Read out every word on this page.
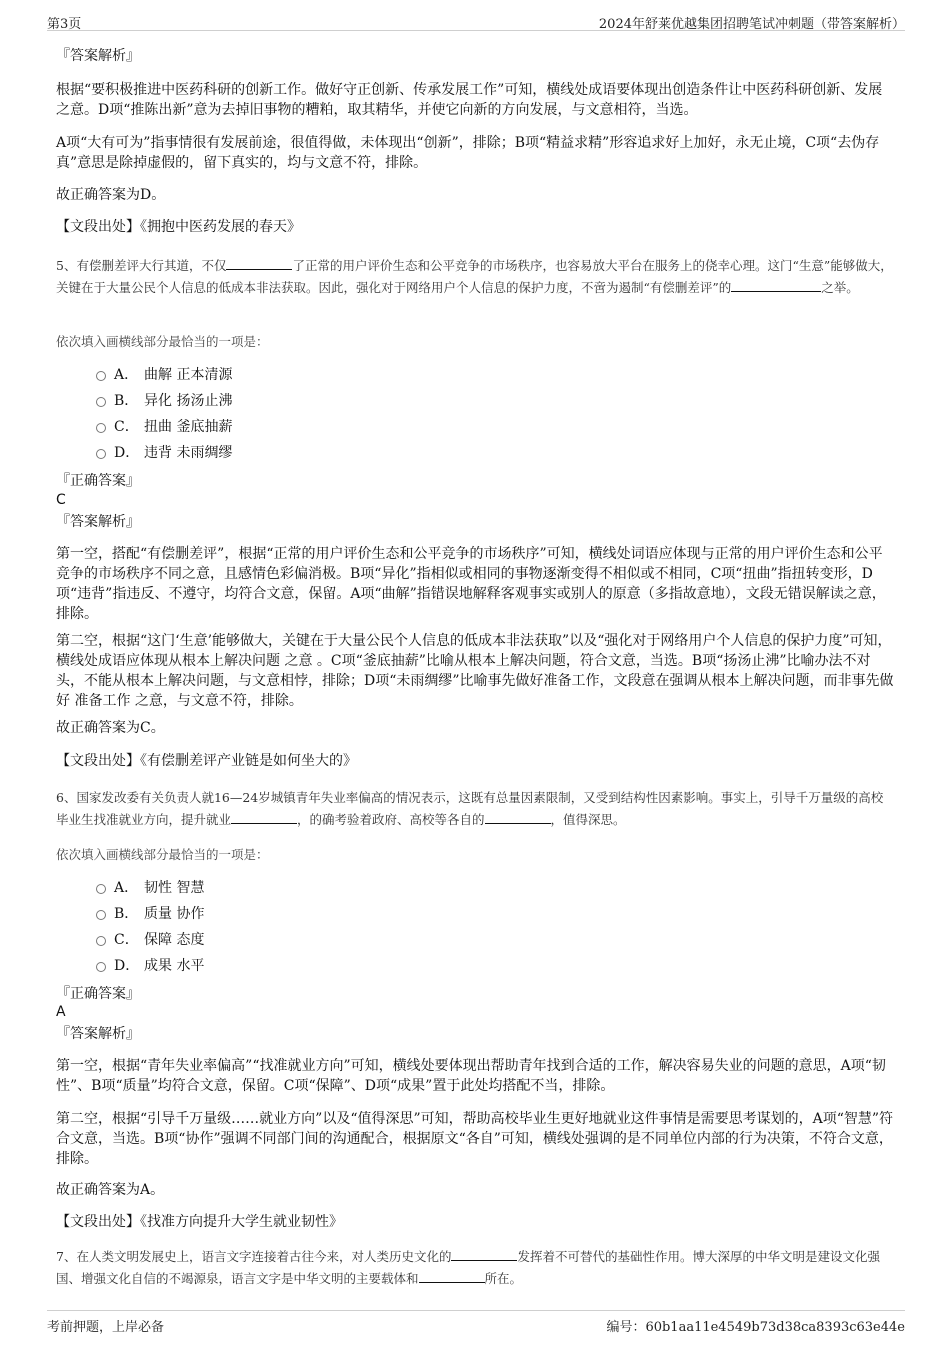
第3页	2024年舒莱优越集团招聘笔试冲刺题（带答案解析）
『答案解析』

根据“要积极推进中医药科研的创新工作。做好守正创新、传承发展工作”可知，横线处成语要体现出创造条件让中医药科研创新、发展之意。D项“推陈出新”意为去掉旧事物的糟粕，取其精华，并使它向新的方向发展，与文意相符，当选。

A项“大有可为”指事情很有发展前途，很值得做，未体现出“创新”，排除；B项“精益求精”形容追求好上加好，永无止境，C项“去伪存真”意思是除掉虚假的，留下真实的，均与文意不符，排除。

故正确答案为D。

【文段出处】《拥抱中医药发展的春天》

5、有偿删差评大行其道，不仅	了正常的用户评价生态和公平竞争的市场秩序，也容易放大平台在服务上的侥幸心理。这门“生意”能够做大，关键在于大量公民个人信息的低成本非法获取。因此，强化对于网络用户个人信息的保护力度，不啻为遏制“有偿删差评”的	之举。

依次填入画横线部分最恰当的一项是：

A． 曲解 正本清源
B． 异化 扬汤止沸
C． 扭曲 釜底抽薪
D． 违背 未雨绸缪
『正确答案』
C
『答案解析』

第一空，搭配“有偿删差评”，根据“正常的用户评价生态和公平竞争的市场秩序”可知，横线处词语应体现与正常的用户评价生态和公平竞争的市场秩序不同之意，且感情色彩偏消极。B项“异化”指相似或相同的事物逐渐变得不相似或不相同，C项“扭曲”指扭转变形，D项“违背”指违反、不遵守，均符合文意，保留。A项“曲解”指错误地解释客观事实或别人的原意（多指故意地），文段无错误解读之意，排除。

第二空，根据“这门‘生意’能够做大，关键在于大量公民个人信息的低成本非法获取”以及“强化对于网络用户个人信息的保护力度”可知，横线处成语应体现从根本上解决问题 之意 。C项“釜底抽薪”比喻从根本上解决问题，符合文意，当选。B项“扬汤止沸”比喻办法不对头，不能从根本上解决问题，与文意相悖，排除；D项“未雨绸缪”比喻事先做好准备工作，文段意在强调从根本上解决问题，而非事先做好 准备工作 之意，与文意不符，排除。

故正确答案为C。

【文段出处】《有偿删差评产业链是如何坐大的》

6、国家发改委有关负责人就16—24岁城镇青年失业率偏高的情况表示，这既有总量因素限制，又受到结构性因素影响。事实上，引导千万量级的高校毕业生找准就业方向，提升就业	，的确考验着政府、高校等各自的	，值得深思。

依次填入画横线部分最恰当的一项是：

A． 韧性 智慧
B． 质量 协作
C． 保障 态度
D． 成果 水平
『正确答案』
A
『答案解析』

第一空，根据“青年失业率偏高”“找准就业方向”可知，横线处要体现出帮助青年找到合适的工作，解决容易失业的问题的意思，A项“韧性”、B项“质量”均符合文意，保留。C项“保障”、D项“成果”置于此处均搭配不当，排除。

第二空，根据“引导千万量级……就业方向”以及“值得深思”可知，帮助高校毕业生更好地就业这件事情是需要思考谋划的，A项“智慧”符合文意，当选。B项“协作”强调不同部门间的沟通配合，根据原文“各自”可知，横线处强调的是不同单位内部的行为决策，不符合文意，排除。

故正确答案为A。

【文段出处】《找准方向提升大学生就业韧性》

7、在人类文明发展史上，语言文字连接着古往今来，对人类历史文化的	发挥着不可替代的基础性作用。博大深厚的中华文明是建设文化强国、增强文化自信的不竭源泉，语言文字是中华文明的主要载体和	所在。

考前押题，上岸必备	编号：60b1aa11e4549b73d38ca8393c63e44e
